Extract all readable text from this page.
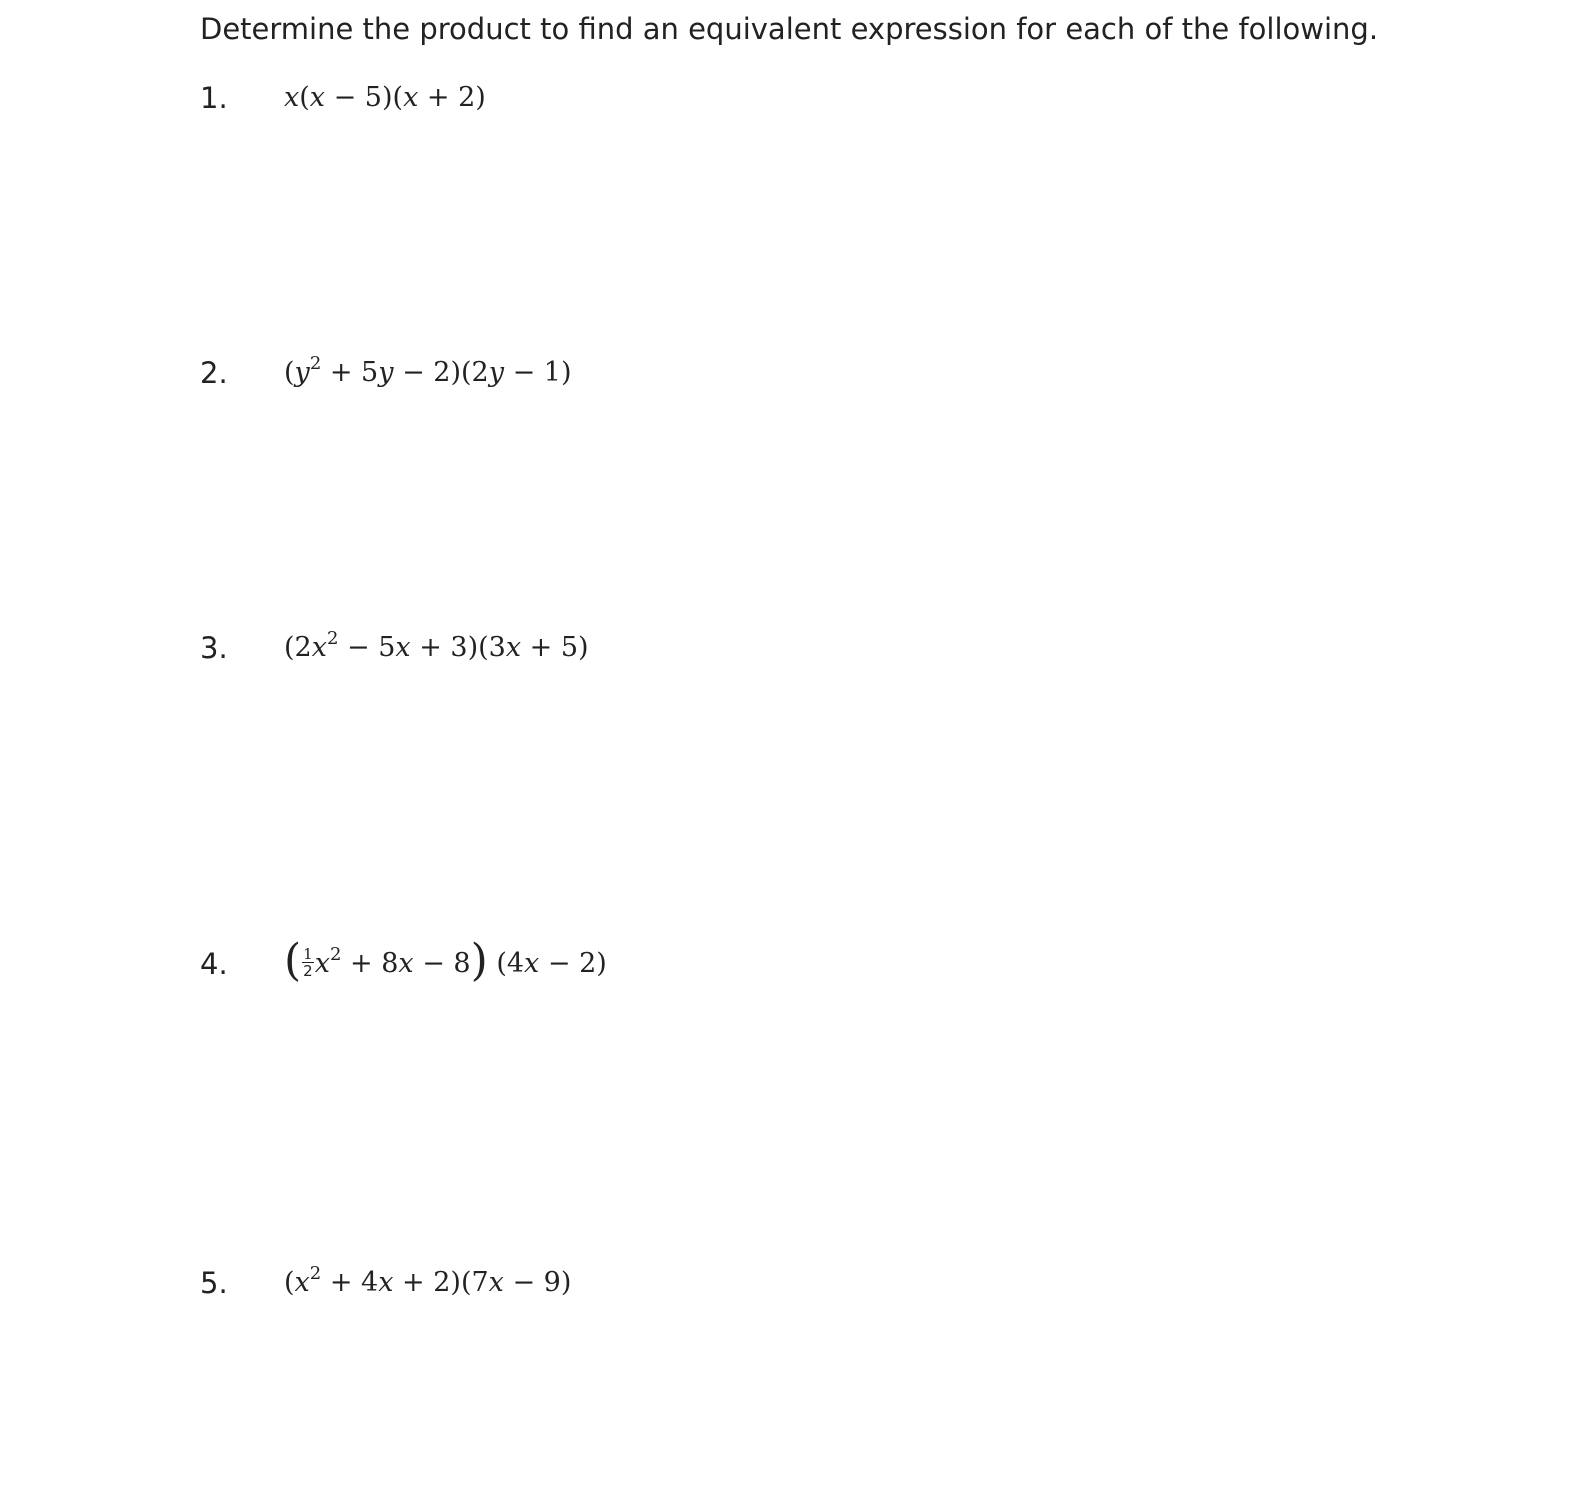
Determine the product to find an equivalent expression for each of the following.
1. x(x − 5)(x + 2)
2. $(y^2 + 5y - 2)(2y - 1)$
3. $(2x^2 - 5x + 3)(3x + 5)$
4. ( $\frac{1}{2} x^2 + 8x - 8$) (4x − 2)
5. $(x^2 + 4x + 2)(7x - 9)$
